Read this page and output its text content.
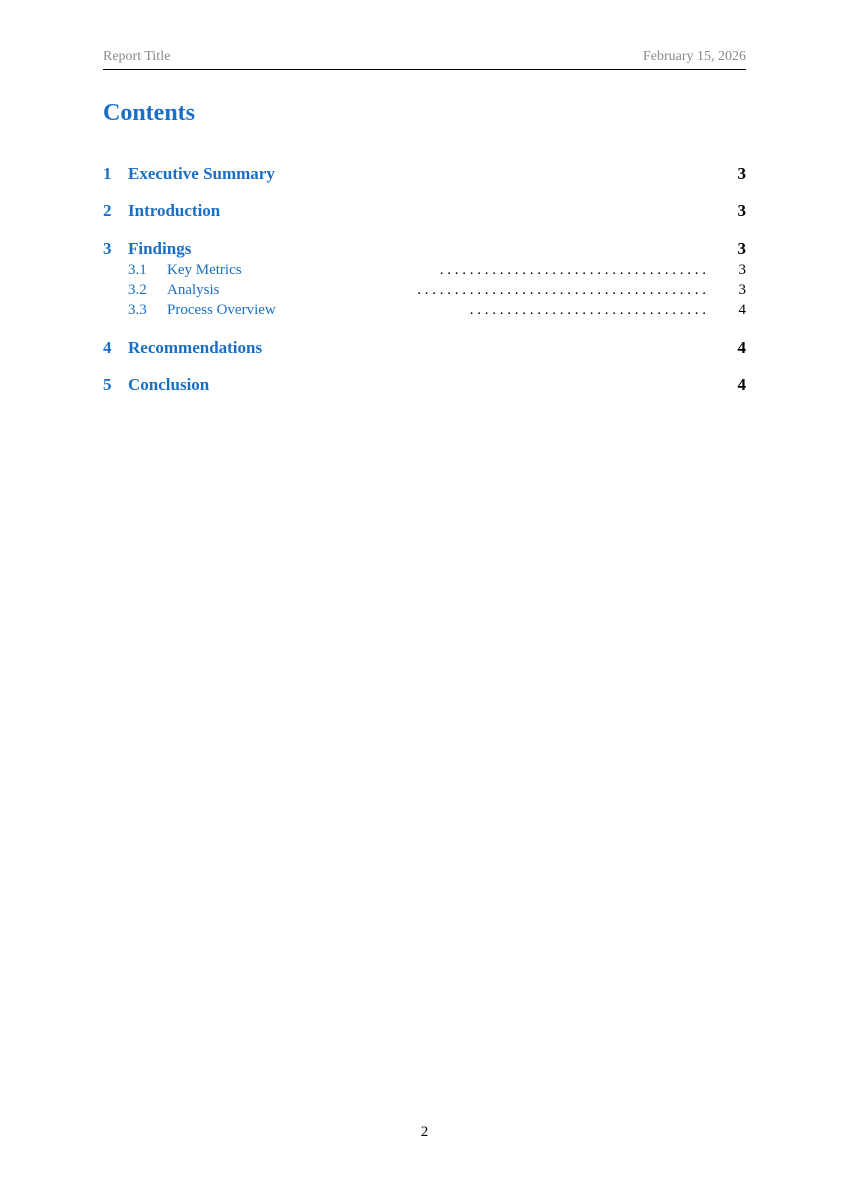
Report Title	February 15, 2026
Contents
1 Executive Summary	3
2 Introduction	3
3 Findings	3
3.1 Key Metrics	. . . . . . . . . . . . . . . . . . . . . . . . . . . . . . . . . . . . 3
3.2 Analysis	. . . . . . . . . . . . . . . . . . . . . . . . . . . . . . . . . . . . . . . 3
3.3 Process Overview	. . . . . . . . . . . . . . . . . . . . . . . . . . . . . . . . 4
4 Recommendations	4
5 Conclusion	4
2
